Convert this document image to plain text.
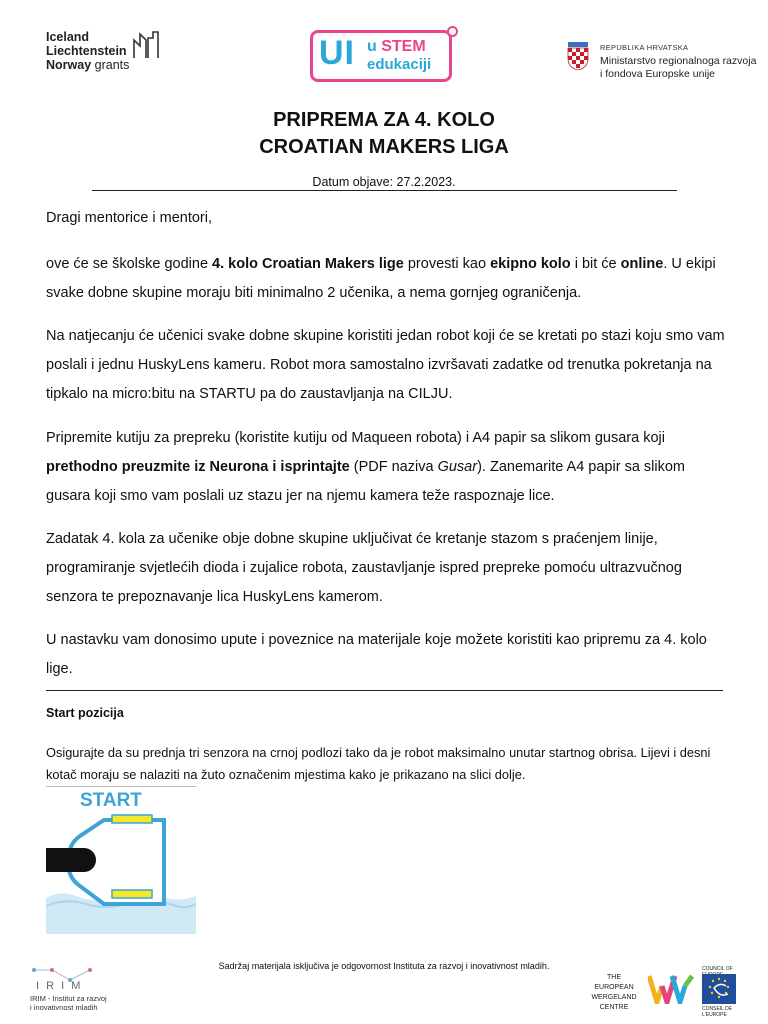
Iceland
Liechtenstein
Norway grants	UI u STEM
edukaciji
REPUBLIKA HRVATSKA
Ministarstvo regionalnoga razvoja
i fondova Europske unije
PRIPREMA ZA 4. KOLO
CROATIAN MAKERS LIGA
Datum objave: 27.2.2023.
Dragi mentorice i mentori,
ove će se školske godine 4. kolo Croatian Makers lige provesti kao ekipno kolo i bit će online. U ekipi svake dobne skupine moraju biti minimalno 2 učenika, a nema gornjeg ograničenja.
Na natjecanju će učenici svake dobne skupine koristiti jedan robot koji će se kretati po stazi koju smo vam poslali i jednu HuskyLens kameru. Robot mora samostalno izvršavati zadatke od trenutka pokretanja na tipkalo na micro:bitu na STARTU pa do zaustavljanja na CILJU.
Pripremite kutiju za prepreku (koristite kutiju od Maqueen robota) i A4 papir sa slikom gusara koji prethodno preuzmite iz Neurona i isprintajte (PDF naziva Gusar). Zanemarite A4 papir sa slikom gusara koji smo vam poslali uz stazu jer na njemu kamera teže raspoznaje lice.
Zadatak 4. kola za učenike obje dobne skupine uključivat će kretanje stazom s praćenjem linije, programiranje svjetlećih dioda i zujalice robota, zaustavljanje ispred prepreke pomoću ultrazvučnog senzora te prepoznavanje lica HuskyLens kamerom.
U nastavku vam donosimo upute i poveznice na materijale koje možete koristiti kao pripremu za 4. kolo lige.
Start pozicija
Osigurajte da su prednja tri senzora na crnoj podlozi tako da je robot maksimalno unutar startnog obrisa. Lijevi i desni kotač moraju se nalaziti na žuto označenim mjestima kako je prikazano na slici dolje.
START
I R I M
IRIM - Institut za razvoj
i inovativnost mladih
Sadržaj materijala isključiva je odgovornost Instituta za razvoj i inovativnost mladih.
THE EUROPEAN
WERGELAND
CENTRE
COUNCIL OF
CONSEIL DE L'EUROPE
